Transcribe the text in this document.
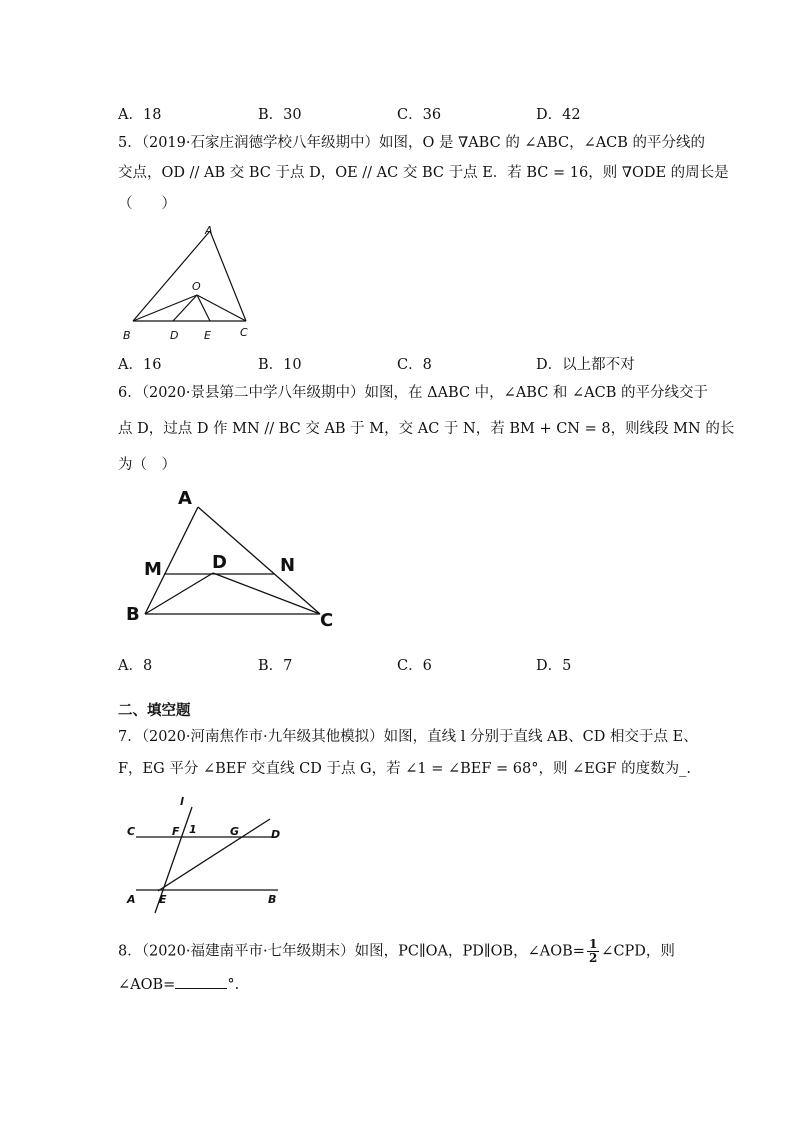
A．18	B．30	C．36	D．42
5．（2019·石家庄润德学校八年级期中）如图，O 是 ∇ABC 的 ∠ABC，∠ACB 的平分线的
交点，OD // AB 交 BC 于点 D，OE // AC 交 BC 于点 E．若 BC = 16，则 ∇ODE 的周长是
（　　）
A
O
B	D E	C
A．16	B．10	C．8	D．以上都不对
6．（2020·景县第二中学八年级期中）如图，在 ΔABC 中，∠ABC 和 ∠ACB 的平分线交于
点 D，过点 D 作 MN // BC 交 AB 于 M，交 AC 于 N，若 BM + CN = 8，则线段 MN 的长
为（　）
A
M	D	N
B	C
A．8	B．7	C．6	D．5
二、填空题
7．（2020·河南焦作市·九年级其他模拟）如图，直线 l 分别于直线 AB、CD 相交于点 E、
F，EG 平分 ∠BEF 交直线 CD 于点 G，若 ∠1 = ∠BEF = 68°，则 ∠EGF 的度数为_.
l
C	F 1	G	D
A E	B
8．（2020·福建南平市·七年级期末）如图，PC∥OA，PD∥OB，∠AOB= $\frac{1}{2}$ ∠CPD，则
∠AOB=	°.
